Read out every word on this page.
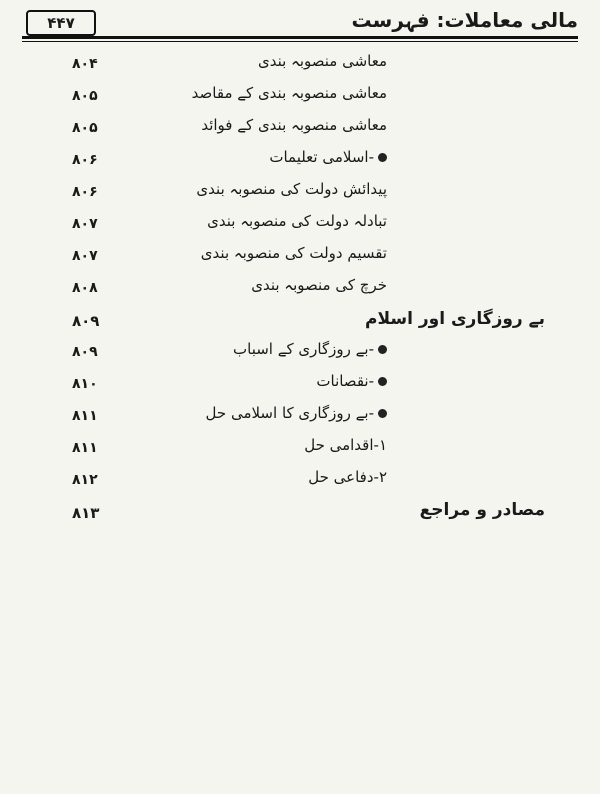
۴۴۷	مالی معاملات: فہرست
۸۰۴	معاشی منصوبہ بندی
۸۰۵	معاشی منصوبہ بندی کے مقاصد
۸۰۵	معاشی منصوبہ بندی کے فوائد
۸۰۶	-اسلامی تعلیمات
۸۰۶	پیدائش دولت کی منصوبہ بندی
۸۰۷	تبادلہ دولت کی منصوبہ بندی
۸۰۷	تقسیم دولت کی منصوبہ بندی
۸۰۸	خرچ کی منصوبہ بندی
۸۰۹	بے روزگاری اور اسلام
۸۰۹	-بے روزگاری کے اسباب
۸۱۰	-نقصانات
۸۱۱	-بے روزگاری کا اسلامی حل
۸۱۱	۱-اقدامی حل
۸۱۲	۲-دفاعی حل
۸۱۳	مصادر و مراجع
